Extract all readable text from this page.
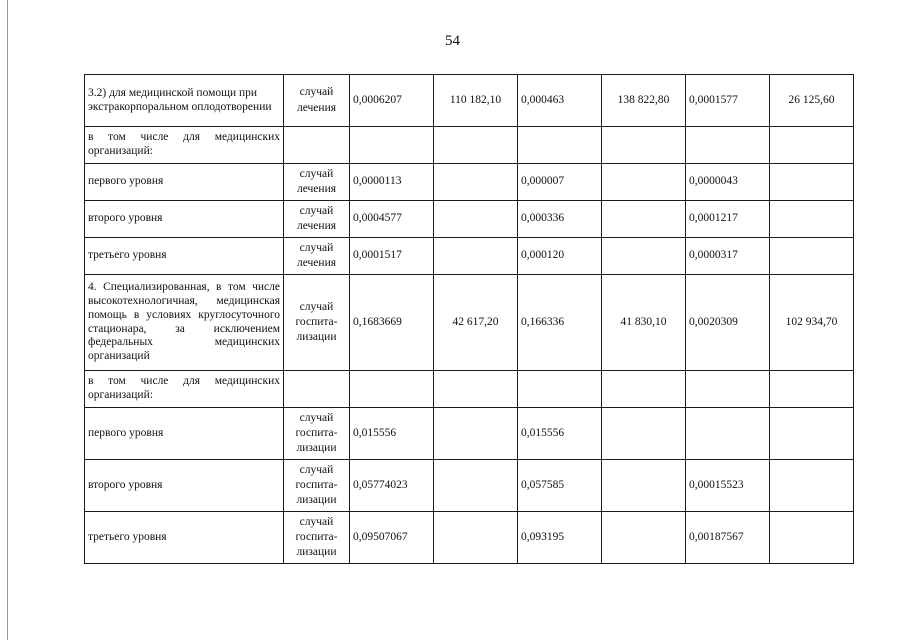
54
3.2) для медицинской помощи при экстракорпоральном оплодотворении	случай лечения	0,0006207	110 182,10	0,000463	138 822,80	0,0001577	26 125,60
в том числе для медицинских организаций:							
первого уровня	случай лечения	0,0000113		0,000007		0,0000043	
второго уровня	случай лечения	0,0004577		0,000336		0,0001217	
третьего уровня	случай лечения	0,0001517		0,000120		0,0000317	
4. Специализированная, в том числе высокотехнологичная, медицинская помощь в условиях круглосуточного стационара, за исключением федеральных медицинских организаций	случай госпита-лизации	0,1683669	42 617,20	0,166336	41 830,10	0,0020309	102 934,70
в том числе для медицинских организаций:							
первого уровня	случай госпита-лизации	0,015556		0,015556			
второго уровня	случай госпита-лизации	0,05774023		0,057585		0,00015523	
третьего уровня	случай госпита-лизации	0,09507067		0,093195		0,00187567	
